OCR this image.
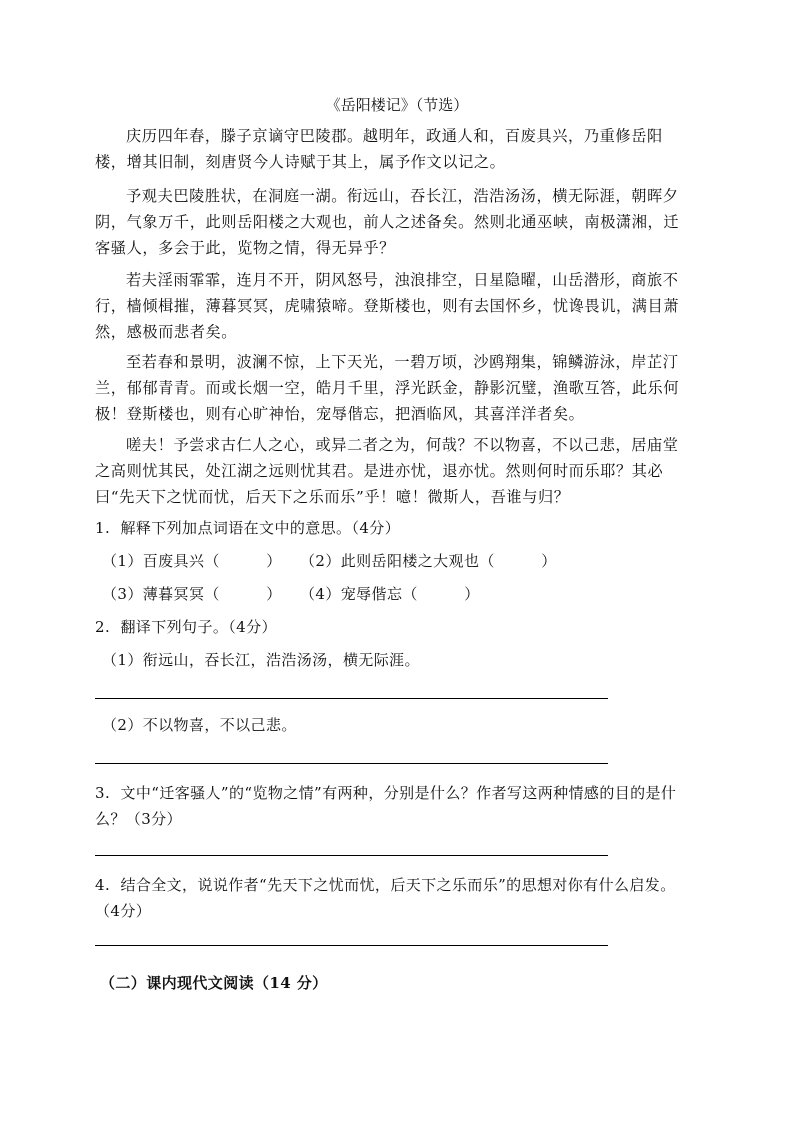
《岳阳楼记》（节选）

庆历四年春，滕子京谪守巴陵郡。越明年，政通人和，百废具兴，乃重修岳阳楼，增其旧制，刻唐贤今人诗赋于其上，属予作文以记之。

予观夫巴陵胜状，在洞庭一湖。衔远山，吞长江，浩浩汤汤，横无际涯，朝晖夕阴，气象万千，此则岳阳楼之大观也，前人之述备矣。然则北通巫峡，南极潇湘，迁客骚人，多会于此，览物之情，得无异乎？

若夫淫雨霏霏，连月不开，阴风怒号，浊浪排空，日星隐曜，山岳潜形，商旅不行，樯倾楫摧，薄暮冥冥，虎啸猿啼。登斯楼也，则有去国怀乡，忧谗畏讥，满目萧然，感极而悲者矣。

至若春和景明，波澜不惊，上下天光，一碧万顷，沙鸥翔集，锦鳞游泳，岸芷汀兰，郁郁青青。而或长烟一空，皓月千里，浮光跃金，静影沉璧，渔歌互答，此乐何极！登斯楼也，则有心旷神怡，宠辱偕忘，把酒临风，其喜洋洋者矣。

嗟夫！予尝求古仁人之心，或异二者之为，何哉？不以物喜，不以己悲，居庙堂之高则忧其民，处江湖之远则忧其君。是进亦忧，退亦忧。然则何时而乐耶？其必曰“先天下之忧而忧，后天下之乐而乐”乎！噫！微斯人，吾谁与归？

1.  解释下列加点词语在文中的意思。（4分）
（1）百废具兴（         ） （2）此则岳阳楼之大观也（         ）
（3）薄暮冥冥（         ） （4）宠辱偕忘（         ）
2.  翻译下列句子。（4分）
（1）衔远山，吞长江，浩浩汤汤，横无际涯。
（2）不以物喜，不以己悲。

3.  文中“迁客骚人”的“览物之情”有两种，分别是什么？作者写这两种情感的目的是什么？（3分）

4.  结合全文，说说作者“先天下之忧而忧，后天下之乐而乐”的思想对你有什么启发。（4分）

（二）课内现代文阅读（14 分）
